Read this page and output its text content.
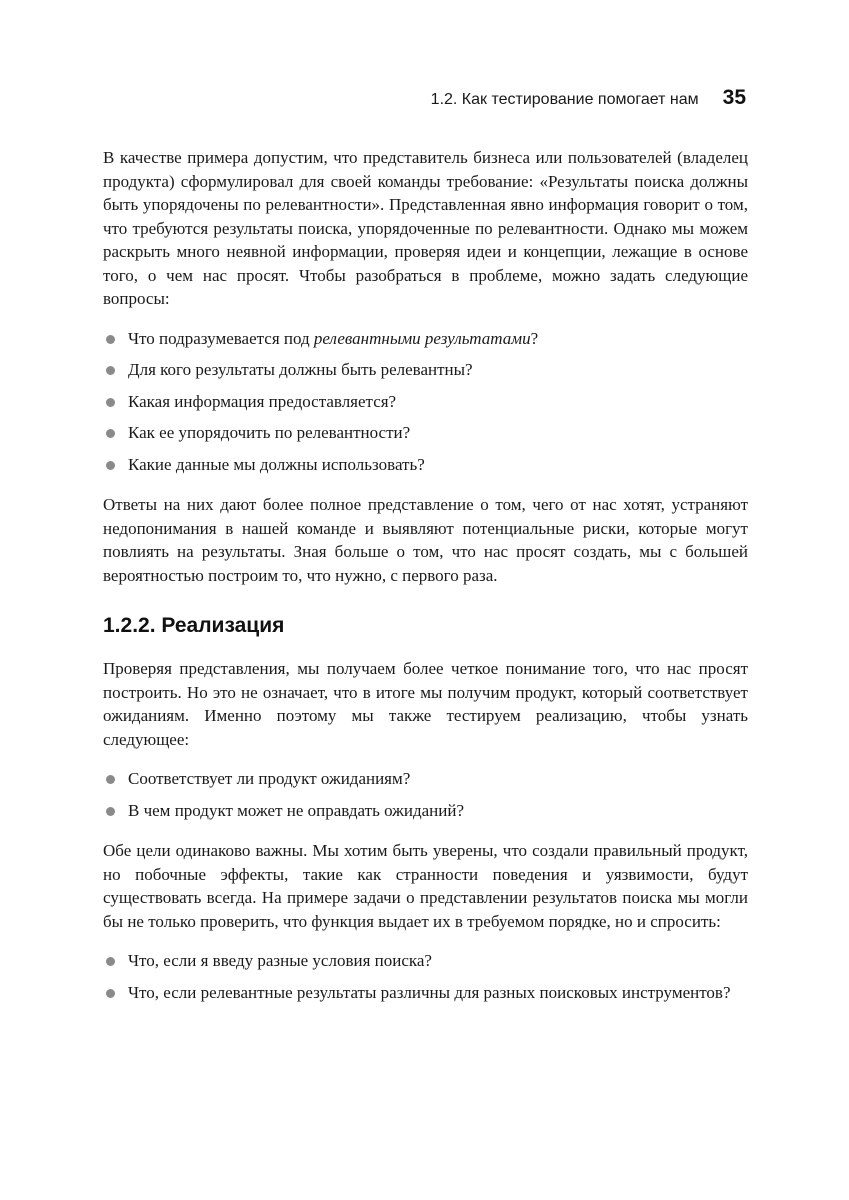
1.2. Как тестирование помогает нам 35

В качестве примера допустим, что представитель бизнеса или пользователей (владелец продукта) сформулировал для своей команды требование: «Результаты поиска должны быть упорядочены по релевантности». Представленная явно информация говорит о том, что требуются результаты поиска, упорядоченные по релевантности. Однако мы можем раскрыть много неявной информации, проверяя идеи и концепции, лежащие в основе того, о чем нас просят. Чтобы разобраться в проблеме, можно задать следующие вопросы:

Что подразумевается под релевантными результатами?
Для кого результаты должны быть релевантны?
Какая информация предоставляется?
Как ее упорядочить по релевантности?
Какие данные мы должны использовать?

Ответы на них дают более полное представление о том, чего от нас хотят, устраняют недопонимания в нашей команде и выявляют потенциальные риски, которые могут повлиять на результаты. Зная больше о том, что нас просят создать, мы с большей вероятностью построим то, что нужно, с первого раза.

1.2.2. Реализация

Проверяя представления, мы получаем более четкое понимание того, что нас просят построить. Но это не означает, что в итоге мы получим продукт, который соответствует ожиданиям. Именно поэтому мы также тестируем реализацию, чтобы узнать следующее:

Соответствует ли продукт ожиданиям?
В чем продукт может не оправдать ожиданий?

Обе цели одинаково важны. Мы хотим быть уверены, что создали правильный продукт, но побочные эффекты, такие как странности поведения и уязвимости, будут существовать всегда. На примере задачи о представлении результатов поиска мы могли бы не только проверить, что функция выдает их в требуемом порядке, но и спросить:

Что, если я введу разные условия поиска?
Что, если релевантные результаты различны для разных поисковых инструментов?
